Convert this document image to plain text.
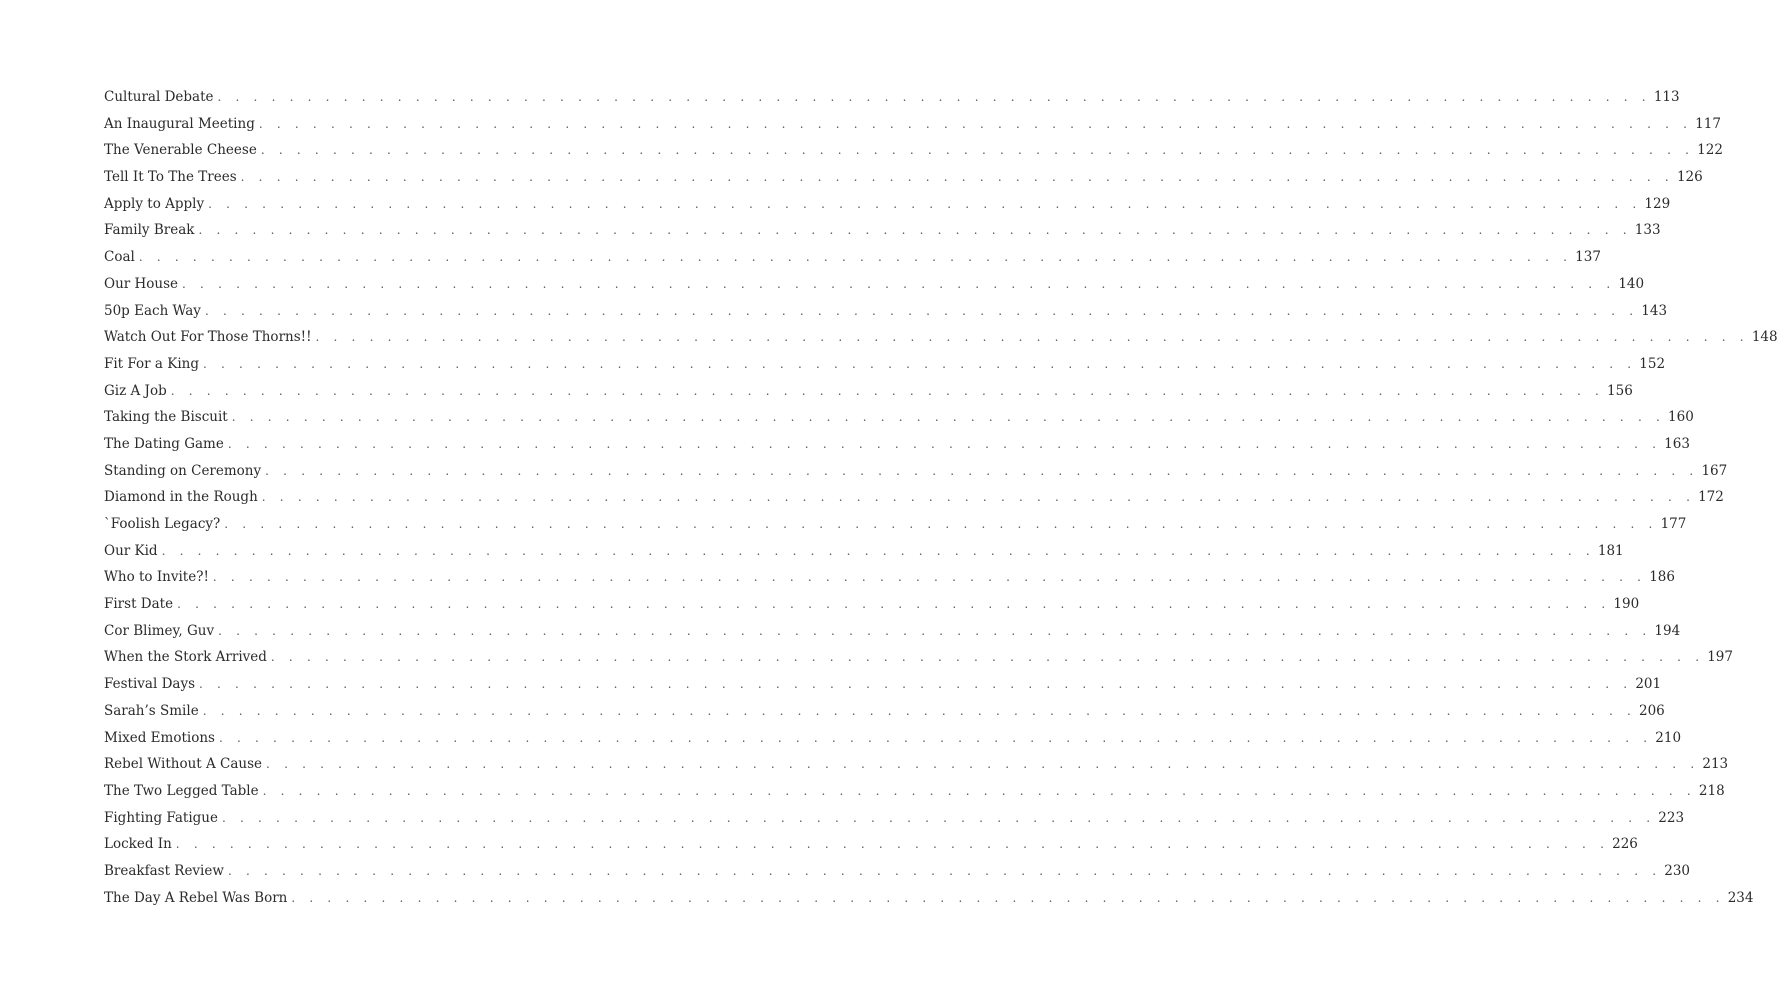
Cultural Debate . . . . . . . . . . . . . . . . . . . . . . . . . . . . . . . . . . . . . . . . . . . . . . . . . . . . . . . . . . . . . . . . . . . . . . . . . . . . . . . . 113
An Inaugural Meeting . . . . . . . . . . . . . . . . . . . . . . . . . . . . . . . . . . . . . . . . . . . . . . . . . . . . . . . . . . . . . . . . . . . . . . . . . . . . . . . . 117
The Venerable Cheese . . . . . . . . . . . . . . . . . . . . . . . . . . . . . . . . . . . . . . . . . . . . . . . . . . . . . . . . . . . . . . . . . . . . . . . . . . . . . . . . 122
Tell It To The Trees . . . . . . . . . . . . . . . . . . . . . . . . . . . . . . . . . . . . . . . . . . . . . . . . . . . . . . . . . . . . . . . . . . . . . . . . . . . . . . . . 126
Apply to Apply . . . . . . . . . . . . . . . . . . . . . . . . . . . . . . . . . . . . . . . . . . . . . . . . . . . . . . . . . . . . . . . . . . . . . . . . . . . . . . . . 129
Family Break . . . . . . . . . . . . . . . . . . . . . . . . . . . . . . . . . . . . . . . . . . . . . . . . . . . . . . . . . . . . . . . . . . . . . . . . . . . . . . . . 133
Coal . . . . . . . . . . . . . . . . . . . . . . . . . . . . . . . . . . . . . . . . . . . . . . . . . . . . . . . . . . . . . . . . . . . . . . . . . . . . . . . . 137
Our House . . . . . . . . . . . . . . . . . . . . . . . . . . . . . . . . . . . . . . . . . . . . . . . . . . . . . . . . . . . . . . . . . . . . . . . . . . . . . . . . 140
50p Each Way . . . . . . . . . . . . . . . . . . . . . . . . . . . . . . . . . . . . . . . . . . . . . . . . . . . . . . . . . . . . . . . . . . . . . . . . . . . . . . . . 143
Watch Out For Those Thorns!! . . . . . . . . . . . . . . . . . . . . . . . . . . . . . . . . . . . . . . . . . . . . . . . . . . . . . . . . . . . . . . . . . . . . . . . . . . . . . . . . 148
Fit For a King . . . . . . . . . . . . . . . . . . . . . . . . . . . . . . . . . . . . . . . . . . . . . . . . . . . . . . . . . . . . . . . . . . . . . . . . . . . . . . . . 152
Giz A Job . . . . . . . . . . . . . . . . . . . . . . . . . . . . . . . . . . . . . . . . . . . . . . . . . . . . . . . . . . . . . . . . . . . . . . . . . . . . . . . . 156
Taking the Biscuit . . . . . . . . . . . . . . . . . . . . . . . . . . . . . . . . . . . . . . . . . . . . . . . . . . . . . . . . . . . . . . . . . . . . . . . . . . . . . . . . 160
The Dating Game . . . . . . . . . . . . . . . . . . . . . . . . . . . . . . . . . . . . . . . . . . . . . . . . . . . . . . . . . . . . . . . . . . . . . . . . . . . . . . . . 163
Standing on Ceremony . . . . . . . . . . . . . . . . . . . . . . . . . . . . . . . . . . . . . . . . . . . . . . . . . . . . . . . . . . . . . . . . . . . . . . . . . . . . . . . . 167
Diamond in the Rough . . . . . . . . . . . . . . . . . . . . . . . . . . . . . . . . . . . . . . . . . . . . . . . . . . . . . . . . . . . . . . . . . . . . . . . . . . . . . . . . 172
`Foolish Legacy? . . . . . . . . . . . . . . . . . . . . . . . . . . . . . . . . . . . . . . . . . . . . . . . . . . . . . . . . . . . . . . . . . . . . . . . . . . . . . . . . 177
Our Kid . . . . . . . . . . . . . . . . . . . . . . . . . . . . . . . . . . . . . . . . . . . . . . . . . . . . . . . . . . . . . . . . . . . . . . . . . . . . . . . . 181
Who to Invite?! . . . . . . . . . . . . . . . . . . . . . . . . . . . . . . . . . . . . . . . . . . . . . . . . . . . . . . . . . . . . . . . . . . . . . . . . . . . . . . . . 186
First Date . . . . . . . . . . . . . . . . . . . . . . . . . . . . . . . . . . . . . . . . . . . . . . . . . . . . . . . . . . . . . . . . . . . . . . . . . . . . . . . . 190
Cor Blimey, Guv . . . . . . . . . . . . . . . . . . . . . . . . . . . . . . . . . . . . . . . . . . . . . . . . . . . . . . . . . . . . . . . . . . . . . . . . . . . . . . . . 194
When the Stork Arrived . . . . . . . . . . . . . . . . . . . . . . . . . . . . . . . . . . . . . . . . . . . . . . . . . . . . . . . . . . . . . . . . . . . . . . . . . . . . . . . . 197
Festival Days . . . . . . . . . . . . . . . . . . . . . . . . . . . . . . . . . . . . . . . . . . . . . . . . . . . . . . . . . . . . . . . . . . . . . . . . . . . . . . . . 201
Sarah’s Smile . . . . . . . . . . . . . . . . . . . . . . . . . . . . . . . . . . . . . . . . . . . . . . . . . . . . . . . . . . . . . . . . . . . . . . . . . . . . . . . . 206
Mixed Emotions . . . . . . . . . . . . . . . . . . . . . . . . . . . . . . . . . . . . . . . . . . . . . . . . . . . . . . . . . . . . . . . . . . . . . . . . . . . . . . . . 210
Rebel Without A Cause . . . . . . . . . . . . . . . . . . . . . . . . . . . . . . . . . . . . . . . . . . . . . . . . . . . . . . . . . . . . . . . . . . . . . . . . . . . . . . . . 213
The Two Legged Table . . . . . . . . . . . . . . . . . . . . . . . . . . . . . . . . . . . . . . . . . . . . . . . . . . . . . . . . . . . . . . . . . . . . . . . . . . . . . . . . 218
Fighting Fatigue . . . . . . . . . . . . . . . . . . . . . . . . . . . . . . . . . . . . . . . . . . . . . . . . . . . . . . . . . . . . . . . . . . . . . . . . . . . . . . . . 223
Locked In . . . . . . . . . . . . . . . . . . . . . . . . . . . . . . . . . . . . . . . . . . . . . . . . . . . . . . . . . . . . . . . . . . . . . . . . . . . . . . . . 226
Breakfast Review . . . . . . . . . . . . . . . . . . . . . . . . . . . . . . . . . . . . . . . . . . . . . . . . . . . . . . . . . . . . . . . . . . . . . . . . . . . . . . . . 230
The Day A Rebel Was Born . . . . . . . . . . . . . . . . . . . . . . . . . . . . . . . . . . . . . . . . . . . . . . . . . . . . . . . . . . . . . . . . . . . . . . . . . . . . . . . . 234
